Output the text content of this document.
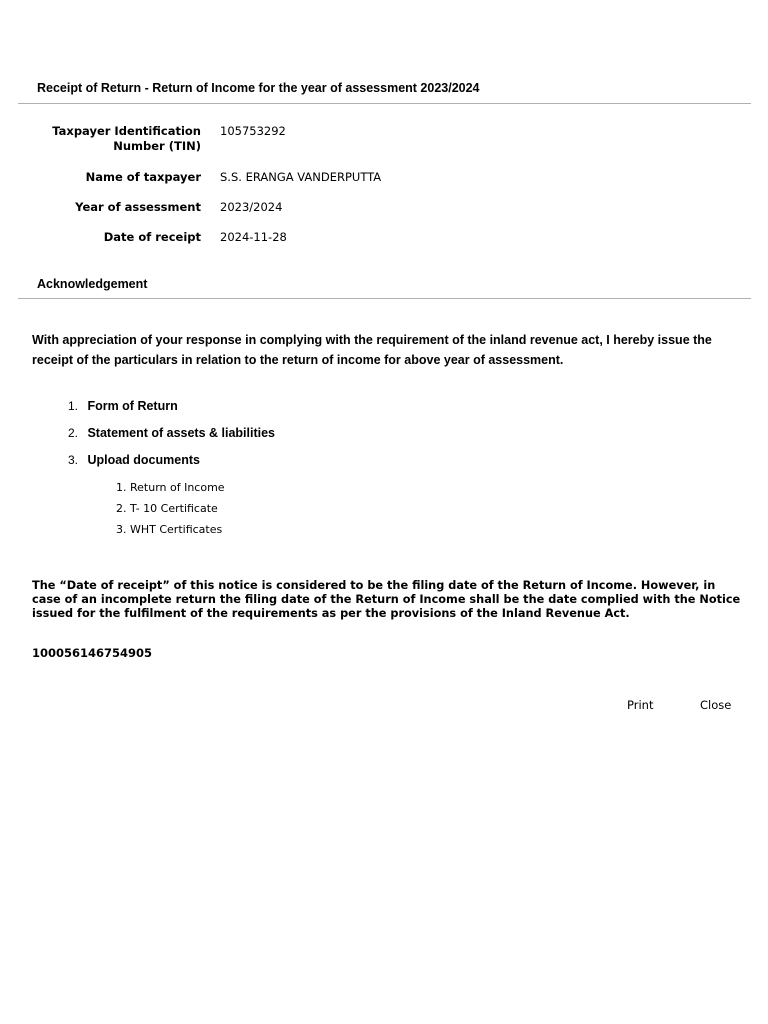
Receipt of Return - Return of Income for the year of assessment 2023/2024
Taxpayer Identification
Number (TIN)
105753292
Name of taxpayer S.S. ERANGA VANDERPUTTA
Year of assessment 2023/2024
Date of receipt 2024-11-28
Acknowledgement
With appreciation of your response in complying with the requirement of the inland revenue act, I hereby issue the receipt of the particulars in relation to the return of income for above year of assessment.
1. Form of Return
2. Statement of assets & liabilities
3. Upload documents
1. Return of Income
2. T- 10 Certificate
3. WHT Certificates
The “Date of receipt” of this notice is considered to be the filing date of the Return of Income. However, in case of an incomplete return the filing date of the Return of Income shall be the date complied with the Notice issued for the fulfilment of the requirements as per the provisions of the Inland Revenue Act.
100056146754905
Print	Close
